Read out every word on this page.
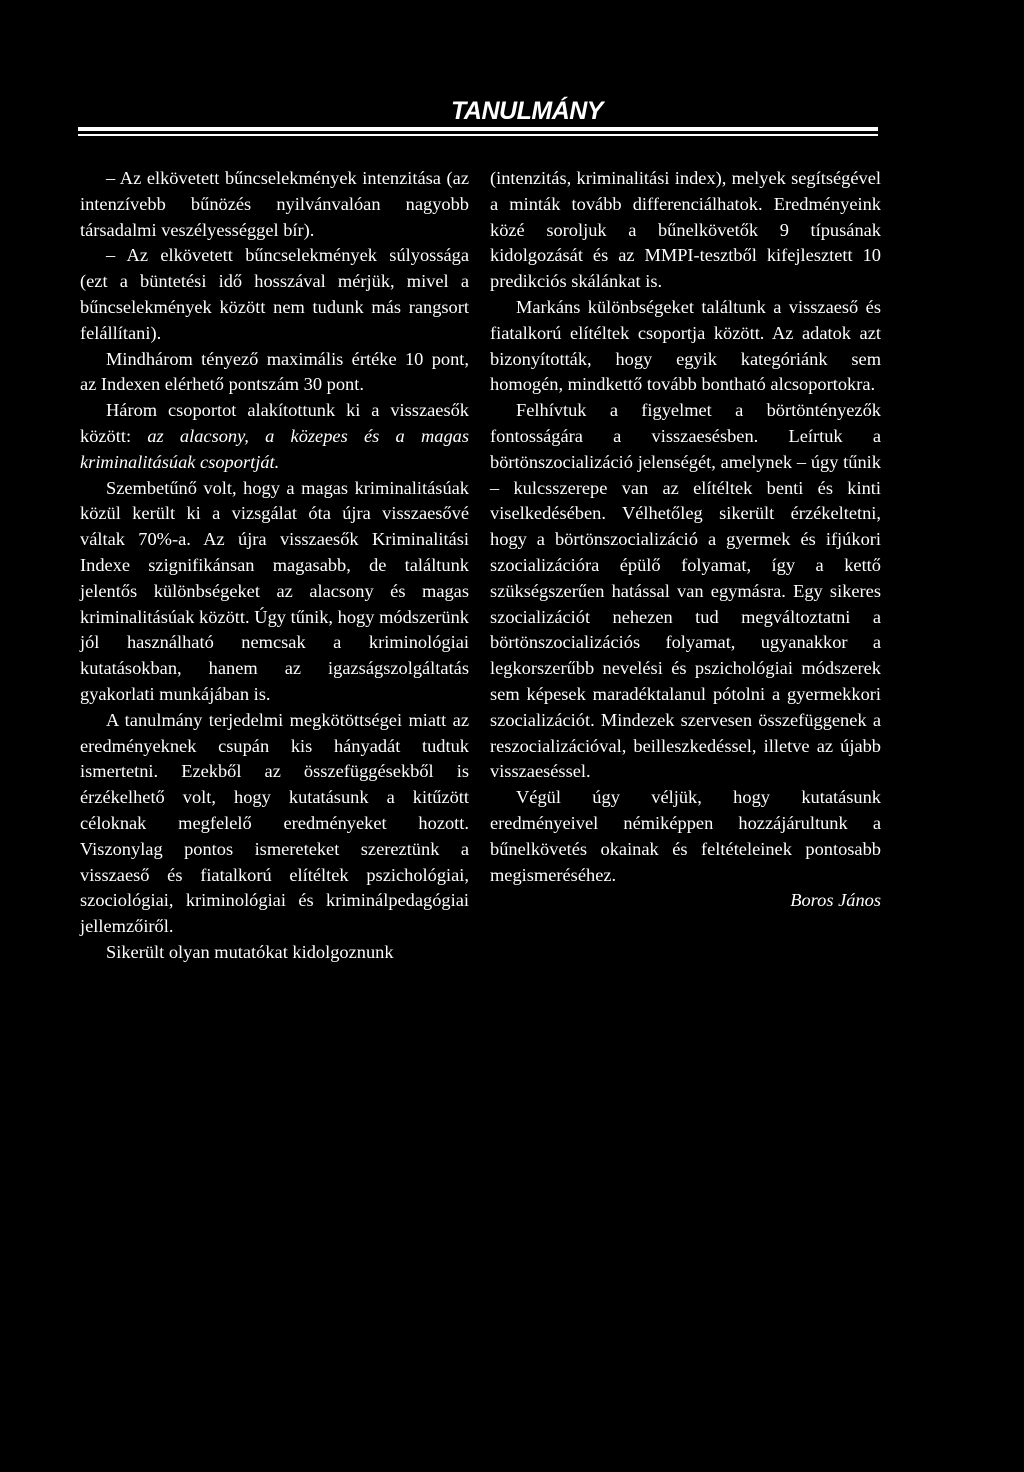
TANULMÁNY

– Az elkövetett bűncselekmények intenzitása (az intenzívebb bűnözés nyilvánvalóan nagyobb társadalmi veszélyességgel bír).

– Az elkövetett bűncselekmények súlyossága (ezt a büntetési idő hosszával mérjük, mivel a bűncselekmények között nem tudunk más rangsort felállítani).

Mindhárom tényező maximális értéke 10 pont, az Indexen elérhető pontszám 30 pont.

Három csoportot alakítottunk ki a visszaesők között: az alacsony, a közepes és a magas kriminalitásúak csoportját.

Szembetűnő volt, hogy a magas kriminalitásúak közül került ki a vizsgálat óta újra visszaesővé váltak 70%-a. Az újra visszaesők Kriminalitási Indexe szignifikánsan magasabb, de találtunk jelentős különbségeket az alacsony és magas kriminalitásúak között. Úgy tűnik, hogy módszerünk jól használható nemcsak a kriminológiai kutatásokban, hanem az igazságszolgáltatás gyakorlati munkájában is.

A tanulmány terjedelmi megkötöttségei miatt az eredményeknek csupán kis hányadát tudtuk ismertetni. Ezekből az összefüggésekből is érzékelhető volt, hogy kutatásunk a kitűzött céloknak megfelelő eredményeket hozott. Viszonylag pontos ismereteket szereztünk a visszaeső és fiatalkorú elítéltek pszichológiai, szociológiai, kriminológiai és kriminálpedagógiai jellemzőiről.

Sikerült olyan mutatókat kidolgoznunk

(intenzitás, kriminalitási index), melyek segítségével a minták tovább differenciálhatok. Eredményeink közé soroljuk a bűnelkövetők 9 típusának kidolgozását és az MMPI-tesztből kifejlesztett 10 predikciós skálánkat is.

Markáns különbségeket találtunk a visszaeső és fiatalkorú elítéltek csoportja között. Az adatok azt bizonyították, hogy egyik kategóriánk sem homogén, mindkettő tovább bontható alcsoportokra.

Felhívtuk a figyelmet a börtöntényezők fontosságára a visszaesésben. Leírtuk a börtönszocializáció jelenségét, amelynek – úgy tűnik – kulcsszerepe van az elítéltek benti és kinti viselkedésében. Vélhetőleg sikerült érzékeltetni, hogy a börtönszocializáció a gyermek és ifjúkori szocializációra épülő folyamat, így a kettő szükségszerűen hatással van egymásra. Egy sikeres szocializációt nehezen tud megváltoztatni a börtönszocializációs folyamat, ugyanakkor a legkorszerűbb nevelési és pszichológiai módszerek sem képesek maradéktalanul pótolni a gyermekkori szocializációt. Mindezek szervesen összefüggenek a reszocializációval, beilleszkedéssel, illetve az újabb visszaeséssel.

Végül úgy véljük, hogy kutatásunk eredményeivel némiképpen hozzájárultunk a bűnelkövetés okainak és feltételeinek pontosabb megismeréséhez.

Boros János
